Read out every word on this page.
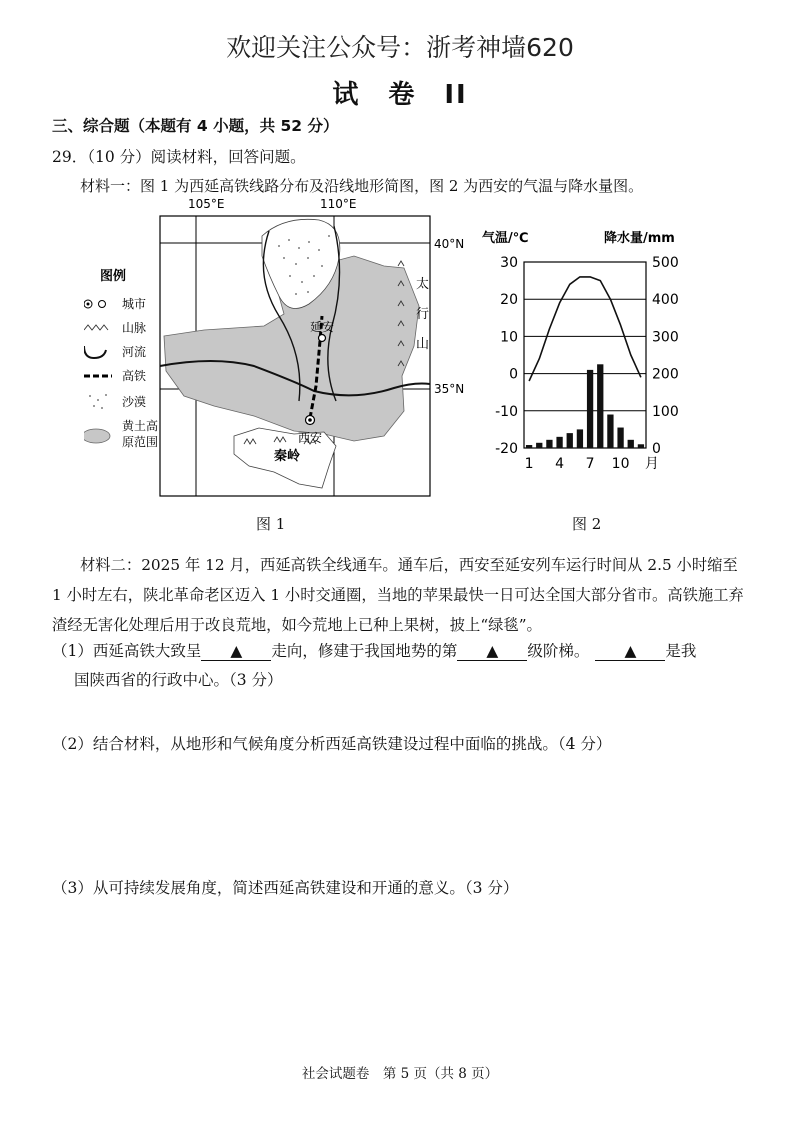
欢迎关注公众号：浙考神墙620
试　卷　II
三、综合题（本题有 4 小题，共 52 分）
29．（10 分）阅读材料，回答问题。
材料一：图 1 为西延高铁线路分布及沿线地形简图，图 2 为西安的气温与降水量图。
105°E	110°E
40°N
35°N
延安
西安
秦岭
太
行
山
图例
城市
山脉
河流
高铁
沙漠
黄土高
原范围
图 1
气温/℃	降水量/mm
30
20
10
0
-10
-20
500
400
300
200
100
0
1 4 7 10 月
图 2
材料二：2025 年 12 月，西延高铁全线通车。通车后，西安至延安列车运行时间从 2.5 小时缩至 1 小时左右，陕北革命老区迈入 1 小时交通圈，当地的苹果最快一日可达全国大部分省市。高铁施工弃渣经无害化处理后用于改良荒地，如今荒地上已种上果树，披上“绿毯”。
（1）西延高铁大致呈 ▲ 走向，修建于我国地势的第 ▲ 级阶梯。 ▲ 是我
国陕西省的行政中心。（3 分）
（2）结合材料，从地形和气候角度分析西延高铁建设过程中面临的挑战。（4 分）
（3）从可持续发展角度，简述西延高铁建设和开通的意义。（3 分）
社会试题卷　第 5 页（共 8 页）
